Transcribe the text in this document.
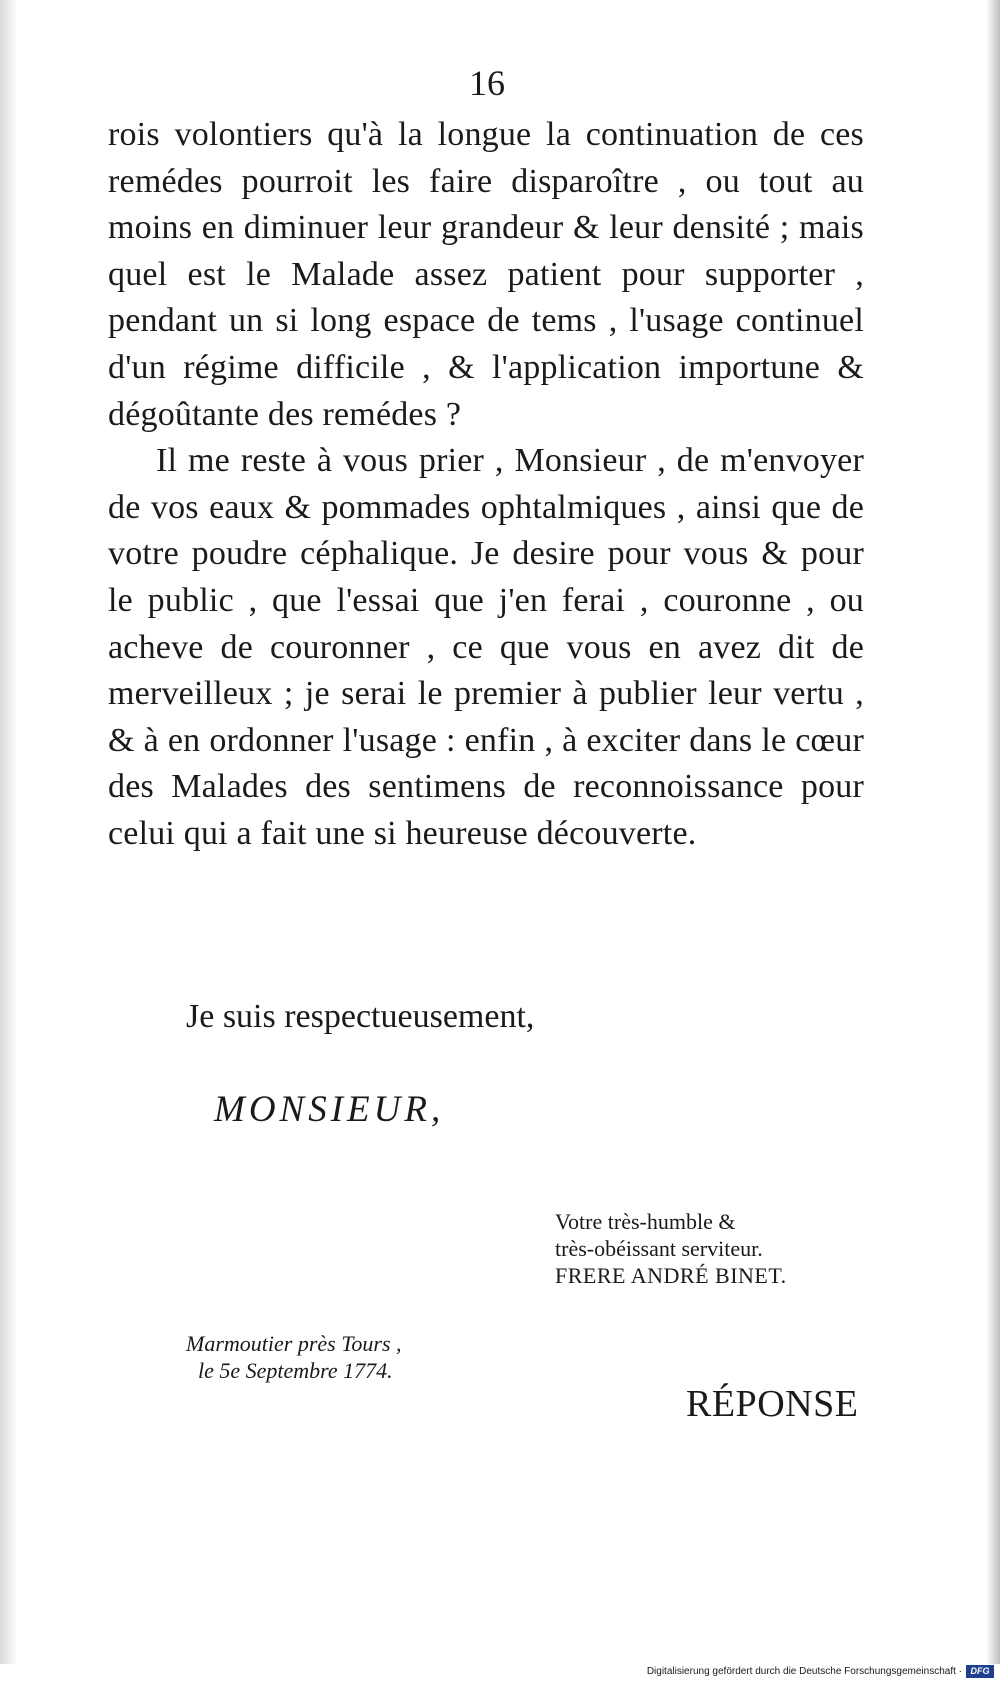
16

rois volontiers qu'à la longue la continuation de ces remédes pourroit les faire disparoître , ou tout au moins en diminuer leur grandeur & leur densité ; mais quel est le Malade assez patient pour supporter , pendant un si long espace de tems , l'usage continuel d'un régime difficile , & l'application importune & dégoûtante des remédes ?

Il me reste à vous prier , Monsieur , de m'envoyer de vos eaux & pommades ophtalmiques , ainsi que de votre poudre céphalique. Je desire pour vous & pour le public , que l'essai que j'en ferai , couronne , ou acheve de couronner , ce que vous en avez dit de merveilleux ; je serai le premier à publier leur vertu , & à en ordonner l'usage : enfin , à exciter dans le cœur des Malades des sentimens de reconnoissance pour celui qui a fait une si heureuse découverte.

Je suis respectueusement,
MONSIEUR,
Votre très-humble &
très-obéissant serviteur.
FRERE ANDRÉ BINET.
Marmoutier près Tours ,
le 5e Septembre 1774.
RÉPONSE
Digitalisierung gefördert durch die Deutsche Forschungsgemeinschaft · DFG
